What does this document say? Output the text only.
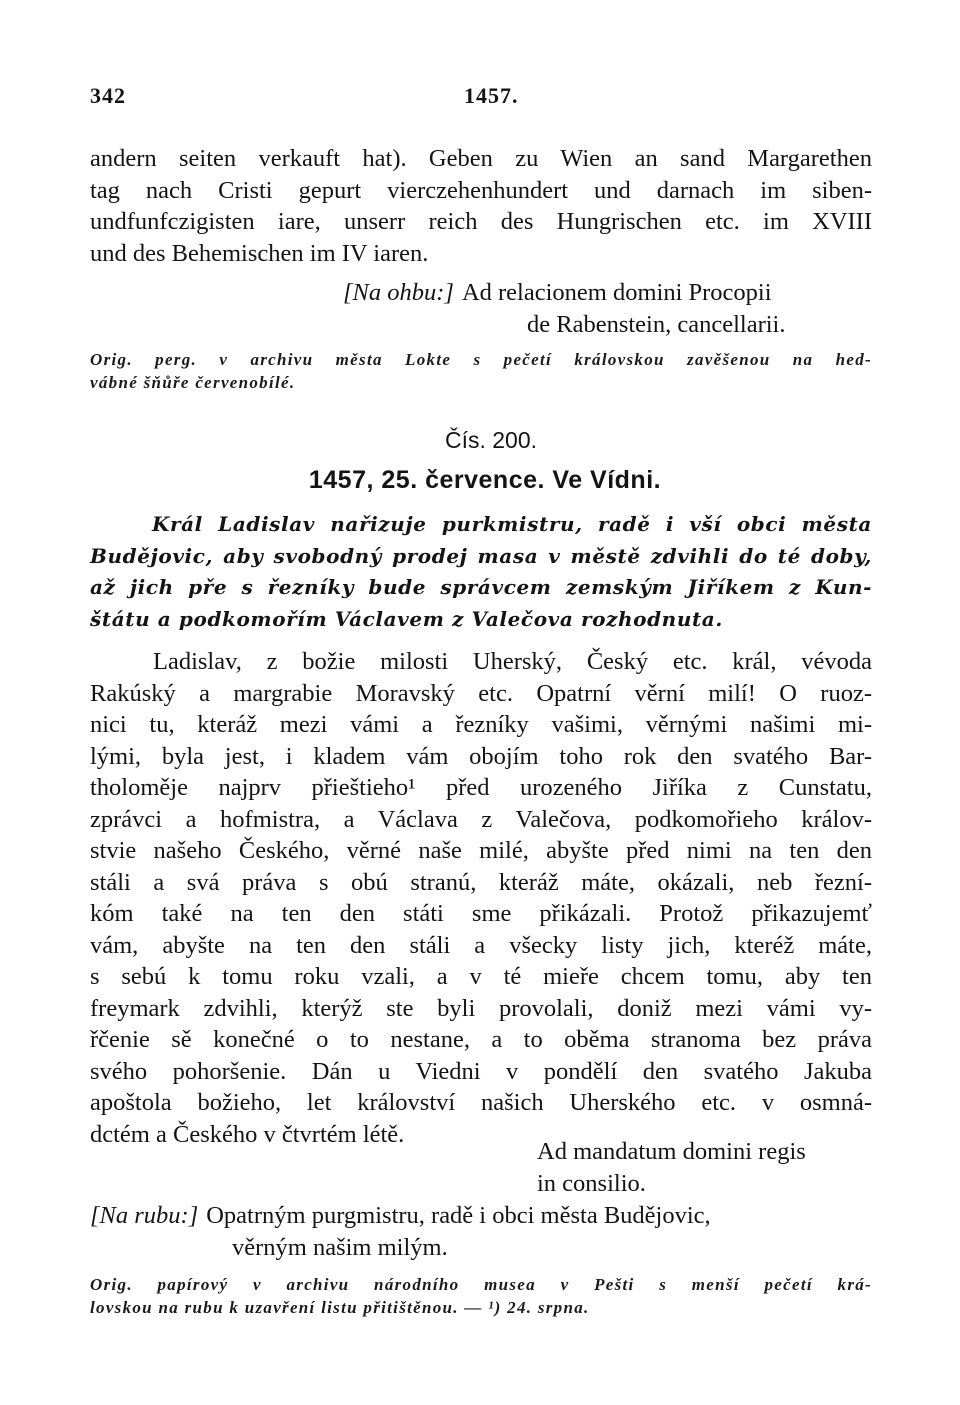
342	1457.
andern seiten verkauft hat). Geben zu Wien an sand Margarethen
tag nach Cristi gepurt vierczehenhundert und darnach im siben-
undfunfczigisten iare, unserr reich des Hungrischen etc. im XVIII
und des Behemischen im IV iaren.
[Na ohbu:] Ad relacionem domini Procopii
de Rabenstein, cancellarii.
Orig. perg. v archivu města Lokte s pečetí královskou zavěšenou na hed-
vábné šňůře červenobílé.
Čís. 200.
1457, 25. července. Ve Vídni.
Král Ladislav nařizuje purkmistru, radě i vší obci města
Budějovic, aby svobodný prodej masa v městě zdvihli do té doby,
až jich pře s řezníky bude správcem zemským Jiříkem z Kun-
štátu a podkomořím Václavem z Valečova rozhodnuta.
Ladislav, z božie milosti Uherský, Český etc. král, vévoda
Rakúský a margrabie Moravský etc. Opatrní věrní milí! O ruoz-
nici tu, kteráž mezi vámi a řezníky vašimi, věrnými našimi mi-
lými, byla jest, i kladem vám obojím toho rok den svatého Bar-
tholoměje najprv přieštieho¹ před urozeného Jiříka z Cunstatu,
zprávci a hofmistra, a Václava z Valečova, podkomořieho králov-
stvie našeho Českého, věrné naše milé, abyšte před nimi na ten den
stáli a svá práva s obú stranú, kteráž máte, okázali, neb řezní-
kóm také na ten den státi sme přikázali. Protož přikazujemť
vám, abyšte na ten den stáli a všecky listy jich, kteréž máte,
s sebú k tomu roku vzali, a v té mieře chcem tomu, aby ten
freymark zdvihli, kterýž ste byli provolali, doniž mezi vámi vy-
řčenie sě konečné o to nestane, a to oběma stranoma bez práva
svého pohoršenie. Dán u Viedni v pondělí den svatého Jakuba
apoštola božieho, let království našich Uherského etc. v osmná-
dctém a Českého v čtvrtém létě.
Ad mandatum domini regis
in consilio.
[Na rubu:] Opatrným purgmistru, radě i obci města Budějovic,
věrným našim milým.
Orig. papírový v archivu národního musea v Pešti s menší pečetí krá-
lovskou na rubu k uzavření listu přitištěnou. — ¹) 24. srpna.
